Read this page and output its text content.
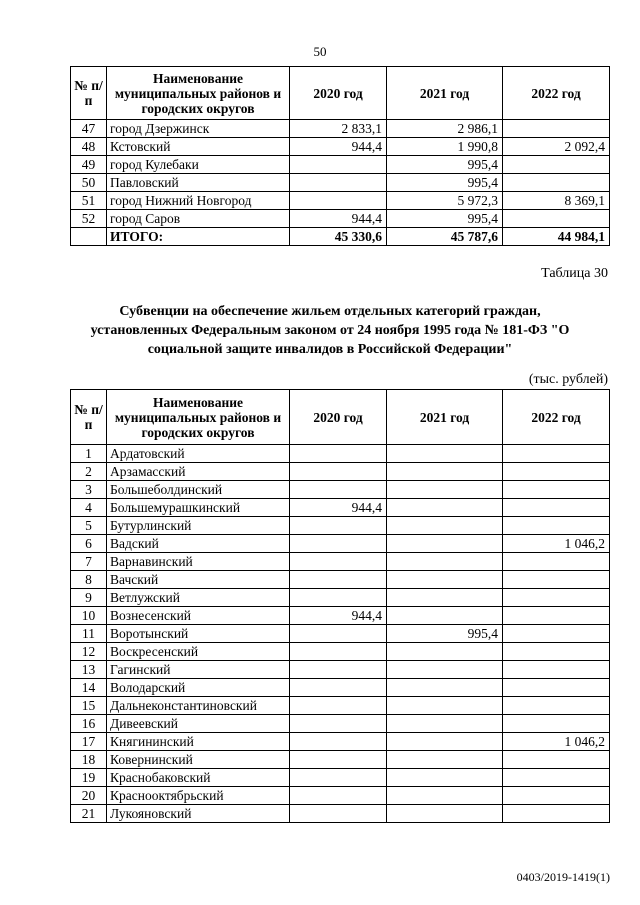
50
№ п/п	Наименование муниципальных районов и городских округов	2020 год	2021 год	2022 год
47	город Дзержинск	2 833,1	2 986,1	
48	Кстовский	944,4	1 990,8	2 092,4
49	город Кулебаки		995,4	
50	Павловский		995,4	
51	город Нижний Новгород		5 972,3	8 369,1
52	город Саров	944,4	995,4	
	ИТОГО:	45 330,6	45 787,6	44 984,1
Таблица 30
Субвенции на обеспечение жильем отдельных категорий граждан, установленных Федеральным законом от 24 ноября 1995 года № 181-ФЗ "О социальной защите инвалидов в Российской Федерации"
(тыс. рублей)
№ п/п	Наименование муниципальных районов и городских округов	2020 год	2021 год	2022 год
1	Ардатовский			
2	Арзамасский			
3	Большеболдинский			
4	Большемурашкинский	944,4		
5	Бутурлинский			
6	Вадский			1 046,2
7	Варнавинский			
8	Вачский			
9	Ветлужский			
10	Вознесенский	944,4		
11	Воротынский		995,4	
12	Воскресенский			
13	Гагинский			
14	Володарский			
15	Дальнеконстантиновский			
16	Дивеевский			
17	Княгининский			1 046,2
18	Ковернинский			
19	Краснобаковский			
20	Краснооктябрьский			
21	Лукояновский			
0403/2019-1419(1)
